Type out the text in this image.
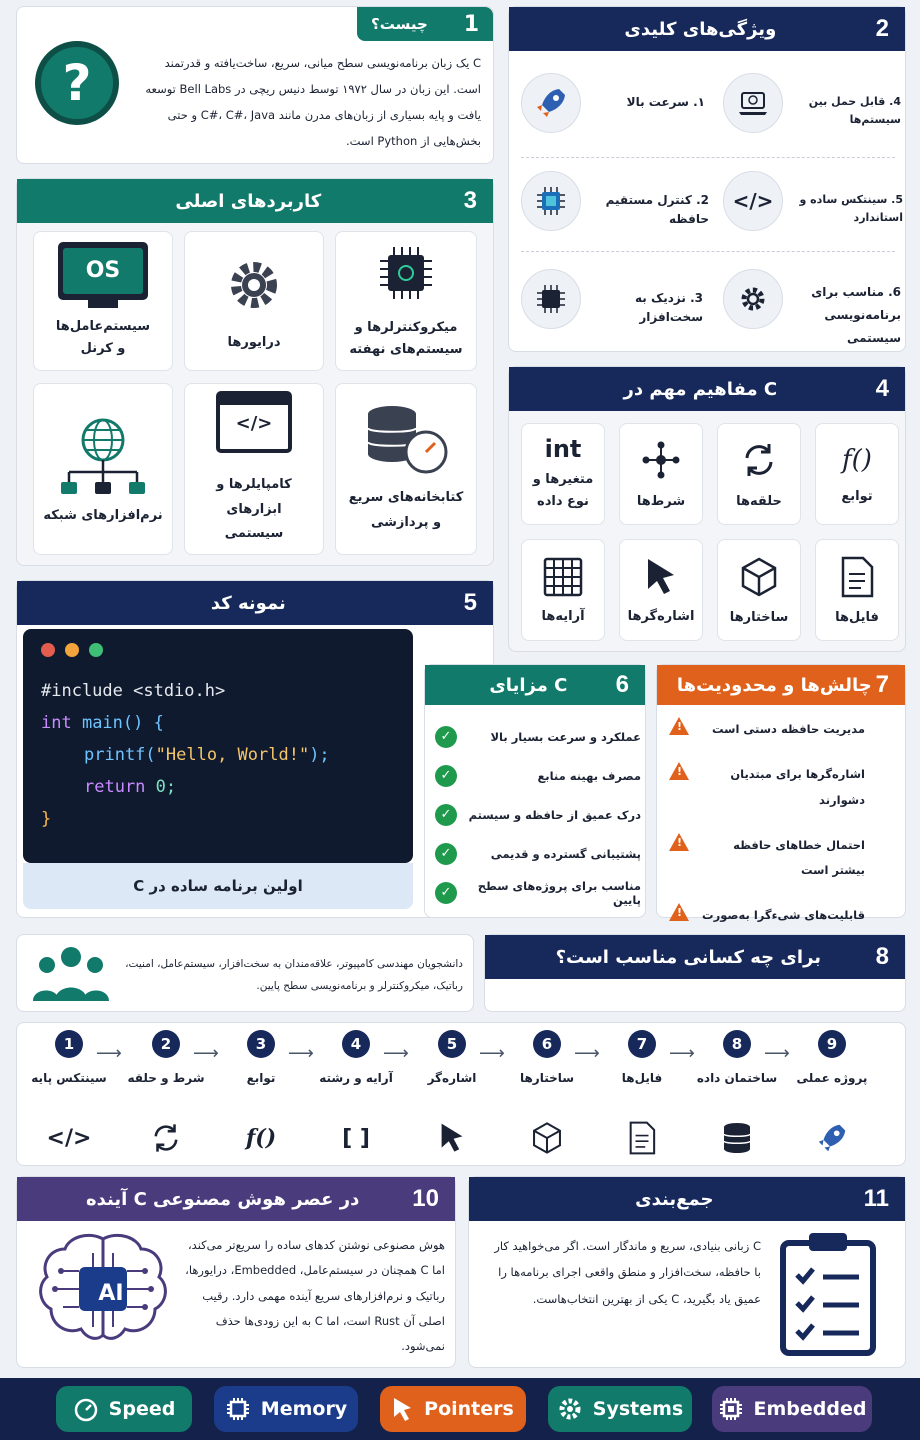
چیست؟ 1
?	C یک زبان برنامه‌نویسی سطح میانی، سریع، ساخت‌یافته و قدرتمند است. این زبان در سال ۱۹۷۲ توسط دنیس ریچی در Bell Labs توسعه یافت و پایه بسیاری از زبان‌های مدرن مانند C#، C#، Java و حتی بخش‌هایی از Python است.
ویژگی‌های کلیدی	2
۱. سرعت بالا	4. قابل حمل بین سیستم‌ها
2. کنترل مستقیم حافظه
</>	5. سینتکس ساده و استاندارد
3. نزدیک به سخت‌افزار
6. مناسب برای برنامه‌نویسی سیستمی
کاربردهای اصلی	3
میکروکنترلرها و سیستم‌های نهفته
درایورها
OS
سیستم‌عامل‌ها و کرنل
کتابخانه‌های سریع و پردازشی
</>
کامپایلرها و ابزارهای سیستمی
نرم‌افزارهای شبکه
مفاهیم مهم در C	4
f()
توابع
حلقه‌ها
شرط‌ها
int
متغیرها و نوع داده
فایل‌ها
ساختارها
اشاره‌گرها
آرایه‌ها
نمونه کد	5
#include <stdio.h>
int main() {
printf("Hello, World!");
return 0;
}
اولین برنامه ساده در C
مزایای C	6
✓	عملکرد و سرعت بسیار بالا
✓	مصرف بهینه منابع
✓	درک عمیق از حافظه و سیستم
✓	پشتیبانی گسترده و قدیمی
✓	مناسب برای پروژه‌های سطح پایین
چالش‌ها و محدودیت‌ها 7
!	مدیریت حافظه دستی است
!	اشاره‌گرها برای مبتدیان دشوارند
!	احتمال خطاهای حافظه بیشتر است
!	قابلیت‌های شیءگرا به‌صورت
دانشجویان مهندسی کامپیوتر، علاقه‌مندان به سخت‌افزار، سیستم‌عامل، امنیت، رباتیک، میکروکنترلر و برنامه‌نویسی سطح پایین.
برای چه کسانی مناسب است؟	8
9
پروژه عملی
8
ساختمان داده
7
فایل‌ها
6
ساختارها
5
اشاره‌گر
4
آرایه و رشته
[ ]
3
توابع
f()
2
شرط و حلقه
1
سینتکس پایه
</>
⟶
⟶
⟶
⟶
⟶
⟶
⟶
⟶
آینده C در عصر هوش مصنوعی	10
AI
هوش مصنوعی نوشتن کدهای ساده را سریع‌تر می‌کند، اما C همچنان در سیستم‌عامل، Embedded، درایورها، رباتیک و نرم‌افزارهای سریع آینده مهمی دارد. رقیب اصلی آن Rust است، اما C به این زودی‌ها حذف نمی‌شود.
جمع‌بندی	11
C زبانی بنیادی، سریع و ماندگار است. اگر می‌خواهید کار با حافظه، سخت‌افزار و منطق واقعی اجرای برنامه‌ها را عمیق یاد بگیرید، C یکی از بهترین انتخاب‌هاست.
Speed	Memory	Pointers	Systems	Embedded
